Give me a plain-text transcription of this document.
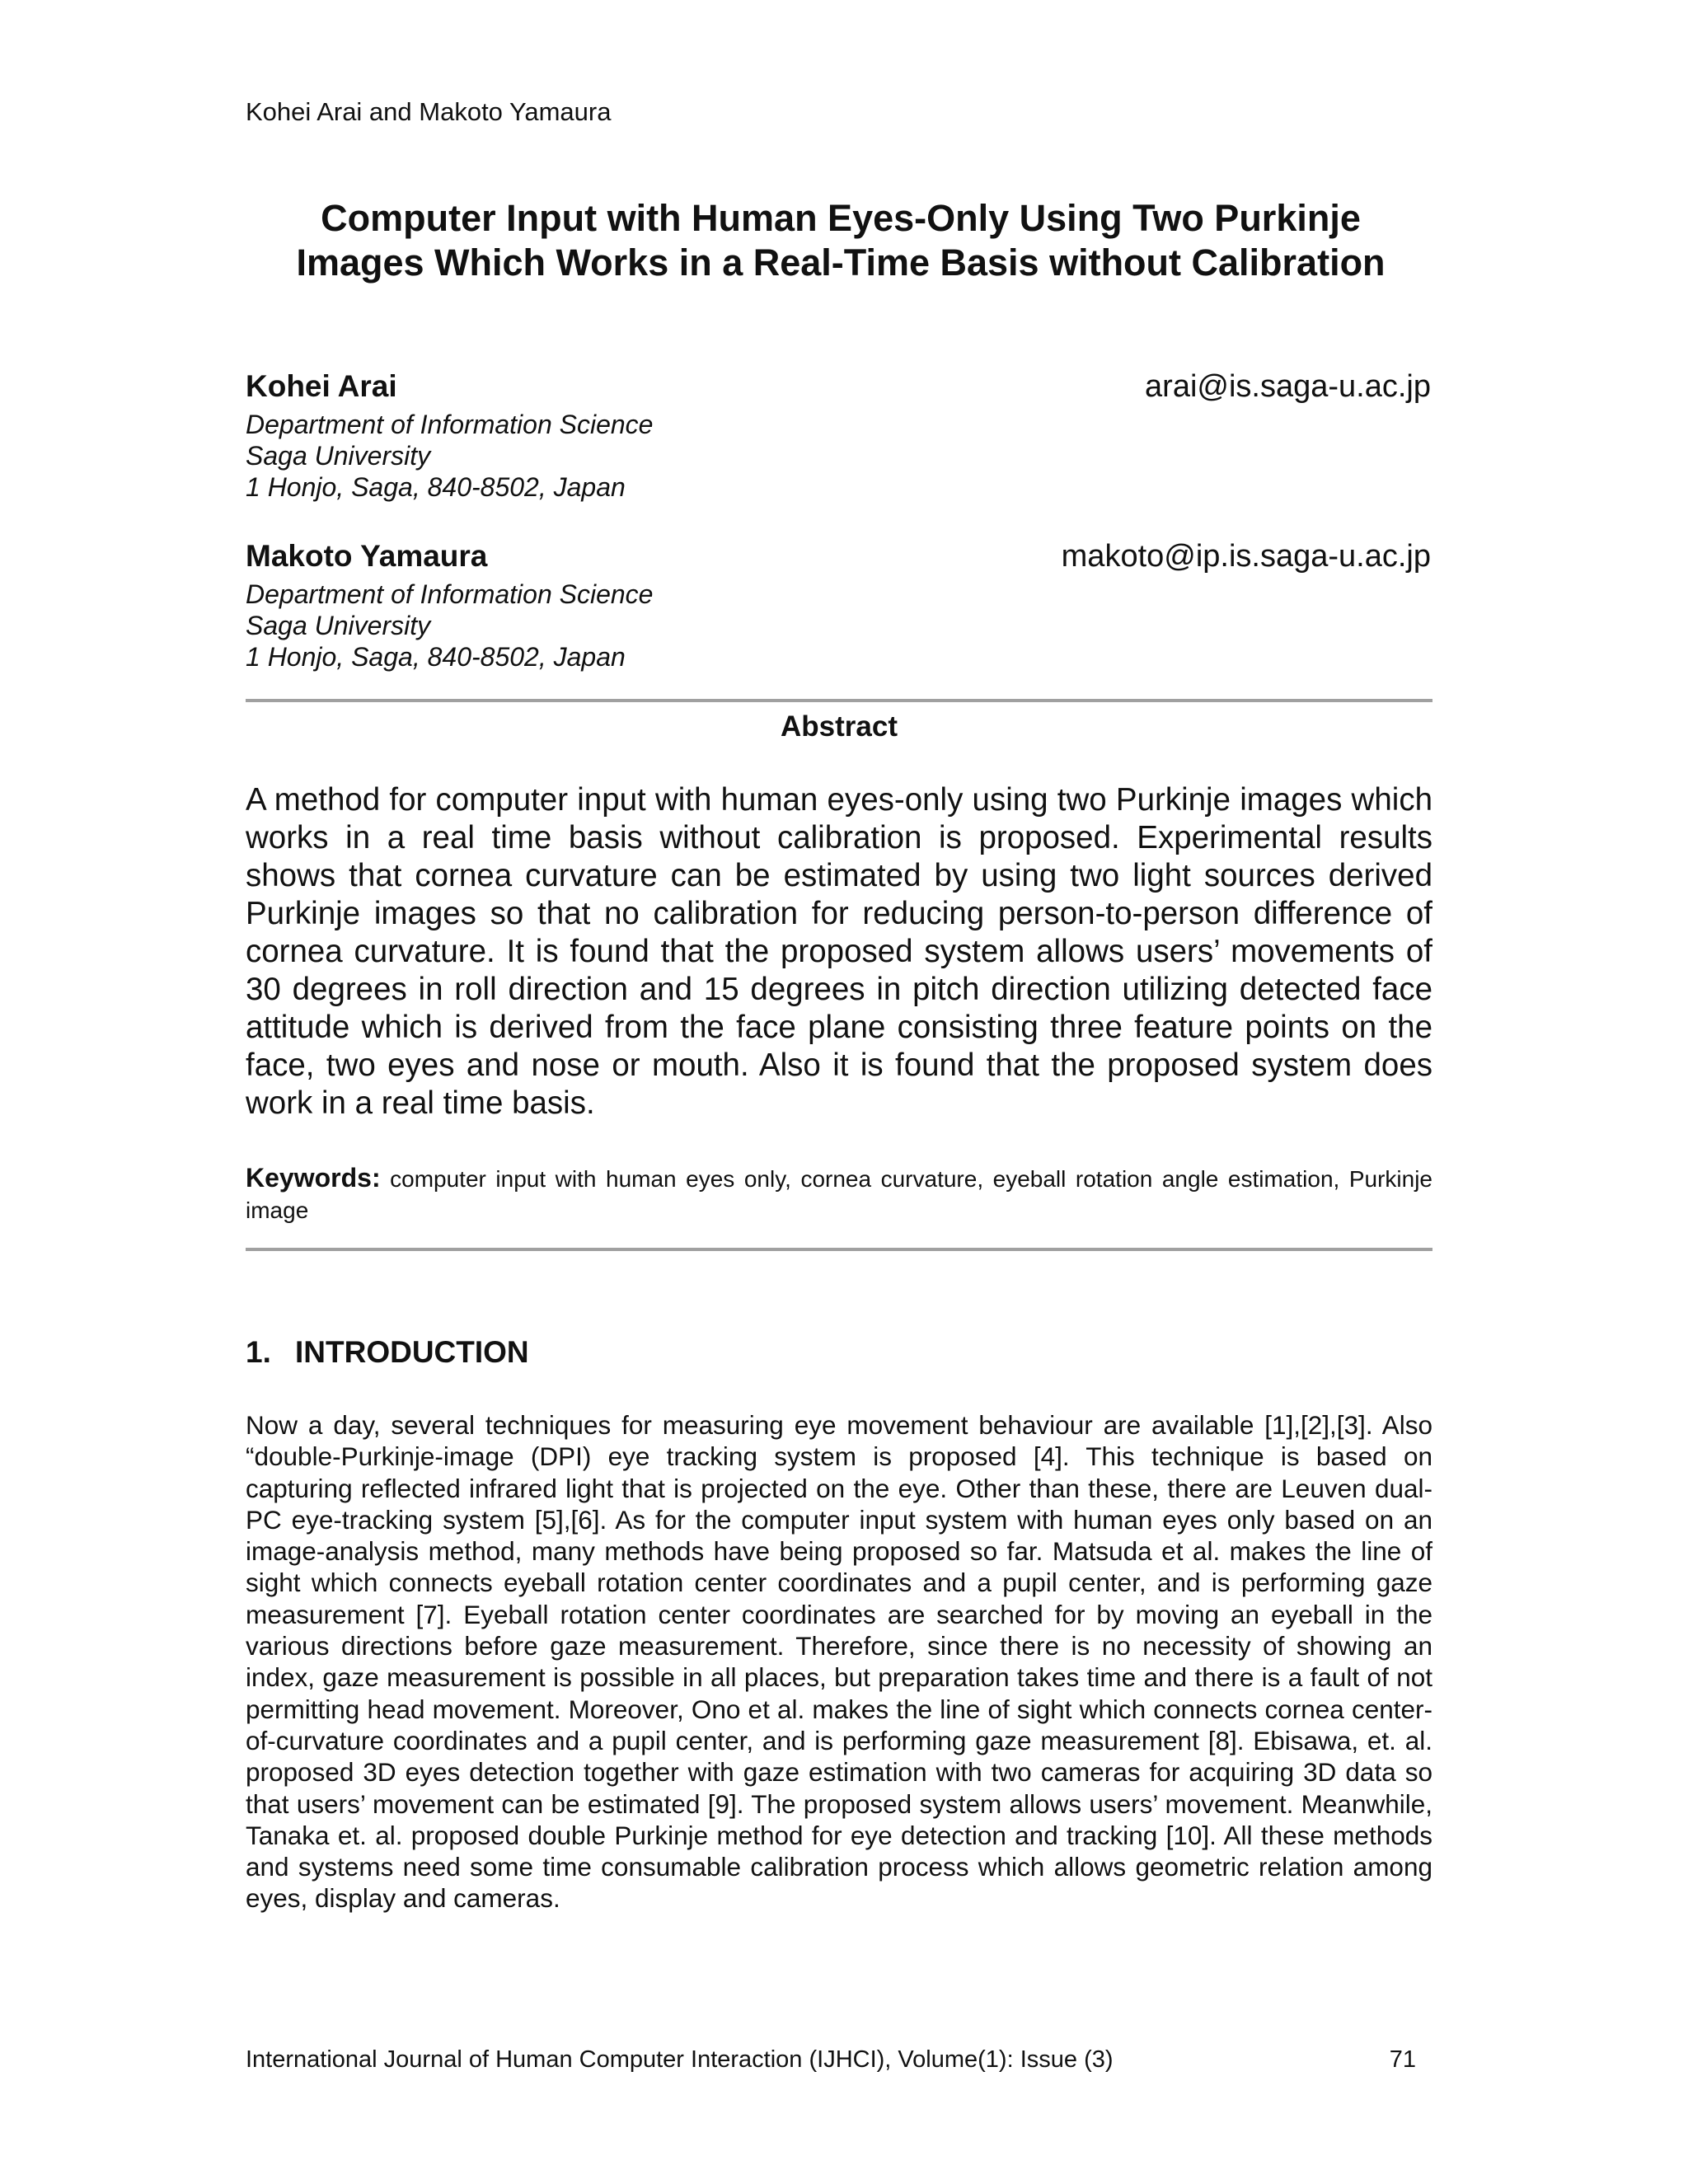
Kohei Arai and Makoto Yamaura
Computer Input with Human Eyes-Only Using Two Purkinje
Images Which Works in a Real-Time Basis without Calibration
Kohei Arai	arai@is.saga-u.ac.jp
Department of Information Science
Saga University
1 Honjo, Saga, 840-8502, Japan
Makoto Yamaura	makoto@ip.is.saga-u.ac.jp
Department of Information Science
Saga University
1 Honjo, Saga, 840-8502, Japan
Abstract
A method for computer input with human eyes-only using two Purkinje images which works in a real time basis without calibration is proposed. Experimental results shows that cornea curvature can be estimated by using two light sources derived Purkinje images so that no calibration for reducing person-to-person difference of cornea curvature. It is found that the proposed system allows users’ movements of 30 degrees in roll direction and 15 degrees in pitch direction utilizing detected face attitude which is derived from the face plane consisting three feature points on the face, two eyes and nose or mouth. Also it is found that the proposed system does work in a real time basis.
Keywords: computer input with human eyes only, cornea curvature, eyeball rotation angle estimation, Purkinje image
1. INTRODUCTION
Now a day, several techniques for measuring eye movement behaviour are available [1],[2],[3]. Also “double-Purkinje-image (DPI) eye tracking system is proposed [4]. This technique is based on capturing reflected infrared light that is projected on the eye. Other than these, there are Leuven dual-PC eye-tracking system [5],[6]. As for the computer input system with human eyes only based on an image-analysis method, many methods have being proposed so far. Matsuda et al. makes the line of sight which connects eyeball rotation center coordinates and a pupil center, and is performing gaze measurement [7]. Eyeball rotation center coordinates are searched for by moving an eyeball in the various directions before gaze measurement. Therefore, since there is no necessity of showing an index, gaze measurement is possible in all places, but preparation takes time and there is a fault of not permitting head movement. Moreover, Ono et al. makes the line of sight which connects cornea center-of-curvature coordinates and a pupil center, and is performing gaze measurement [8]. Ebisawa, et. al. proposed 3D eyes detection together with gaze estimation with two cameras for acquiring 3D data so that users’ movement can be estimated [9]. The proposed system allows users’ movement. Meanwhile, Tanaka et. al. proposed double Purkinje method for eye detection and tracking [10]. All these methods and systems need some time consumable calibration process which allows geometric relation among eyes, display and cameras.
International Journal of Human Computer Interaction (IJHCI), Volume(1): Issue (3)	71
